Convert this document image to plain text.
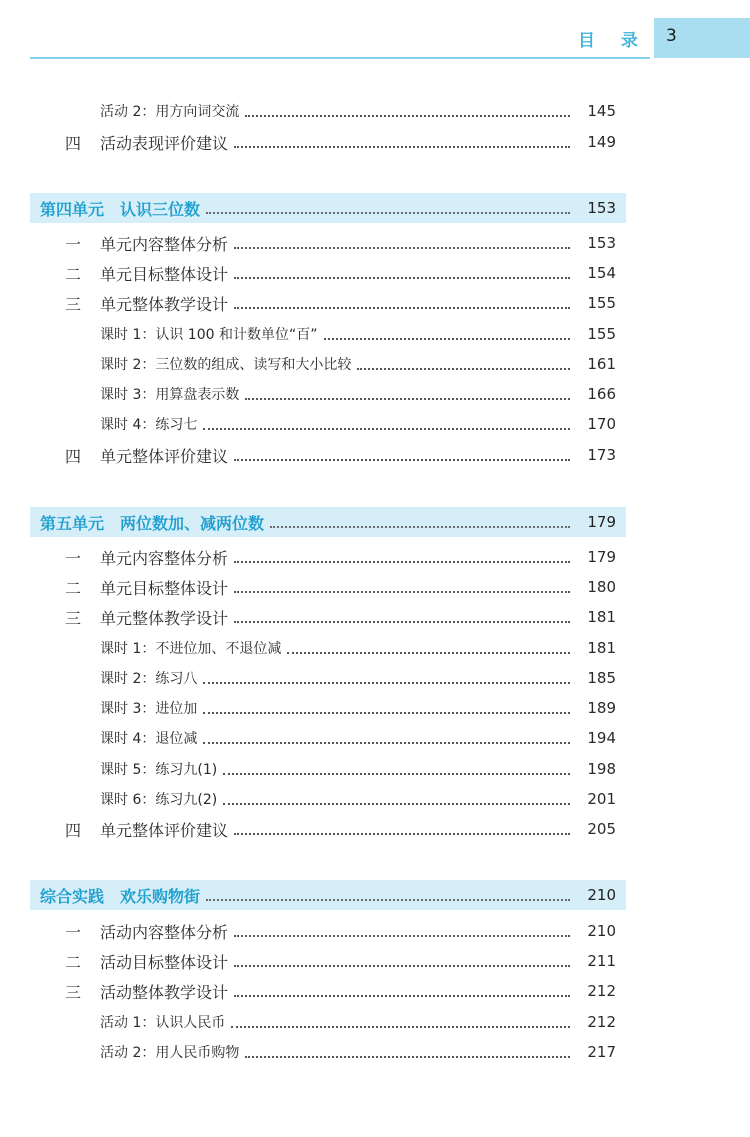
目 录 3
活动 2：用方向词交流	145
四	活动表现评价建议	149
第四单元　认识三位数	153
一	单元内容整体分析	153
二	单元目标整体设计	154
三	单元整体教学设计	155
课时 1：认识 100 和计数单位“百”	155
课时 2：三位数的组成、读写和大小比较	161
课时 3：用算盘表示数	166
课时 4：练习七	170
四	单元整体评价建议	173
第五单元　两位数加、减两位数	179
一	单元内容整体分析	179
二	单元目标整体设计	180
三	单元整体教学设计	181
课时 1：不进位加、不退位减	181
课时 2：练习八	185
课时 3：进位加	189
课时 4：退位减	194
课时 5：练习九(1)	198
课时 6：练习九(2)	201
四	单元整体评价建议	205
综合实践　欢乐购物街	210
一	活动内容整体分析	210
二	活动目标整体设计	211
三	活动整体教学设计	212
活动 1：认识人民币	212
活动 2：用人民币购物	217
